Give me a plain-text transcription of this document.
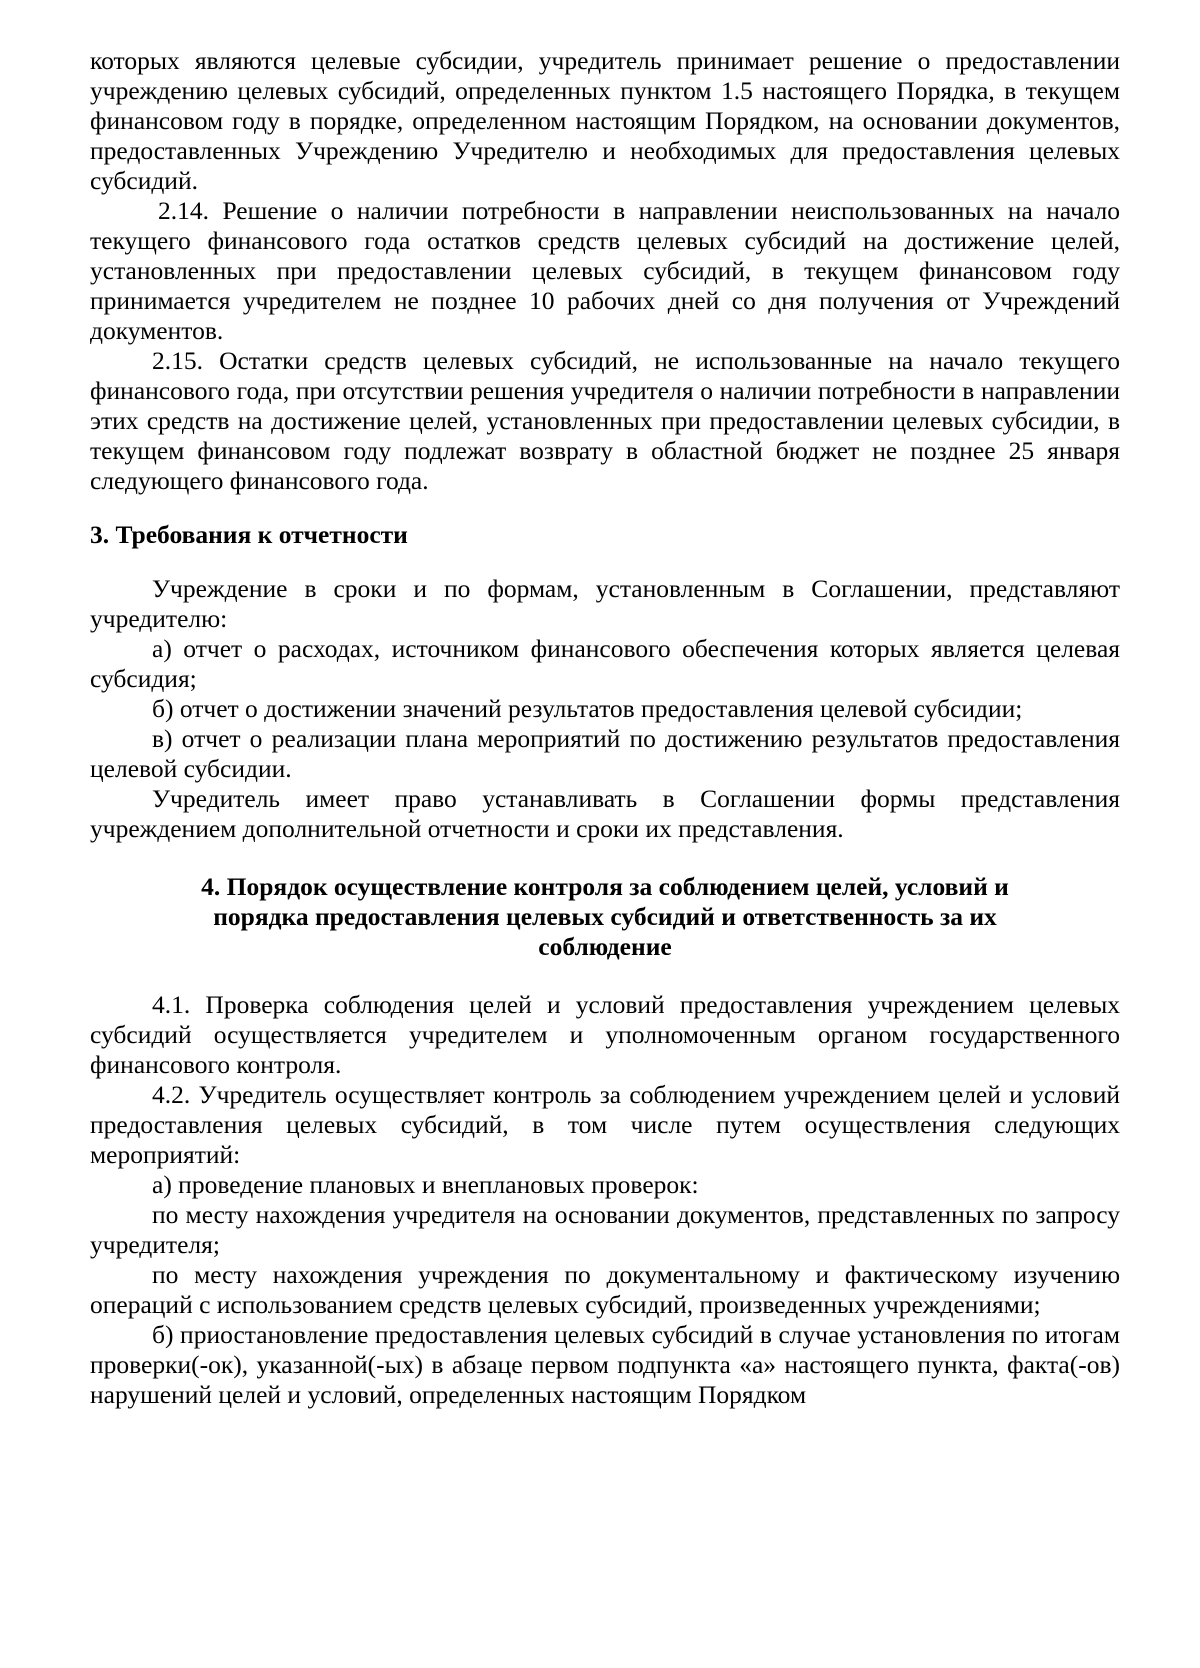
которых являются целевые субсидии, учредитель принимает решение о предоставлении учреждению целевых субсидий, определенных пунктом 1.5 настоящего Порядка, в текущем финансовом году в порядке, определенном настоящим Порядком, на основании документов, предоставленных Учреждению Учредителю и необходимых для предоставления целевых субсидий.

2.14. Решение о наличии потребности в направлении неиспользованных на начало текущего финансового года остатков средств целевых субсидий на достижение целей, установленных при предоставлении целевых субсидий, в текущем финансовом году принимается учредителем не позднее 10 рабочих дней со дня получения от Учреждений документов.

2.15. Остатки средств целевых субсидий, не использованные на начало текущего финансового года, при отсутствии решения учредителя о наличии потребности в направлении этих средств на достижение целей, установленных при предоставлении целевых субсидии, в текущем финансовом году подлежат возврату в областной бюджет не позднее 25 января следующего финансового года.

3. Требования к отчетности

Учреждение в сроки и по формам, установленным в Соглашении, представляют учредителю:

а) отчет о расходах, источником финансового обеспечения которых является целевая субсидия;

б) отчет о достижении значений результатов предоставления целевой субсидии;

в) отчет о реализации плана мероприятий по достижению результатов предоставления целевой субсидии.

Учредитель имеет право устанавливать в Соглашении формы представления учреждением дополнительной отчетности и сроки их представления.

4. Порядок осуществление контроля за соблюдением целей, условий и
порядка предоставления целевых субсидий и ответственность за их
соблюдение

4.1. Проверка соблюдения целей и условий предоставления учреждением целевых субсидий осуществляется учредителем и уполномоченным органом государственного финансового контроля.

4.2. Учредитель осуществляет контроль за соблюдением учреждением целей и условий предоставления целевых субсидий, в том числе путем осуществления следующих мероприятий:

а) проведение плановых и внеплановых проверок:

по месту нахождения учредителя на основании документов, представленных по запросу учредителя;

по месту нахождения учреждения по документальному и фактическому изучению операций с использованием средств целевых субсидий, произведенных учреждениями;

б) приостановление предоставления целевых субсидий в случае установления по итогам проверки(-ок), указанной(-ых) в абзаце первом подпункта «а» настоящего пункта, факта(-ов) нарушений целей и условий, определенных настоящим Порядком
